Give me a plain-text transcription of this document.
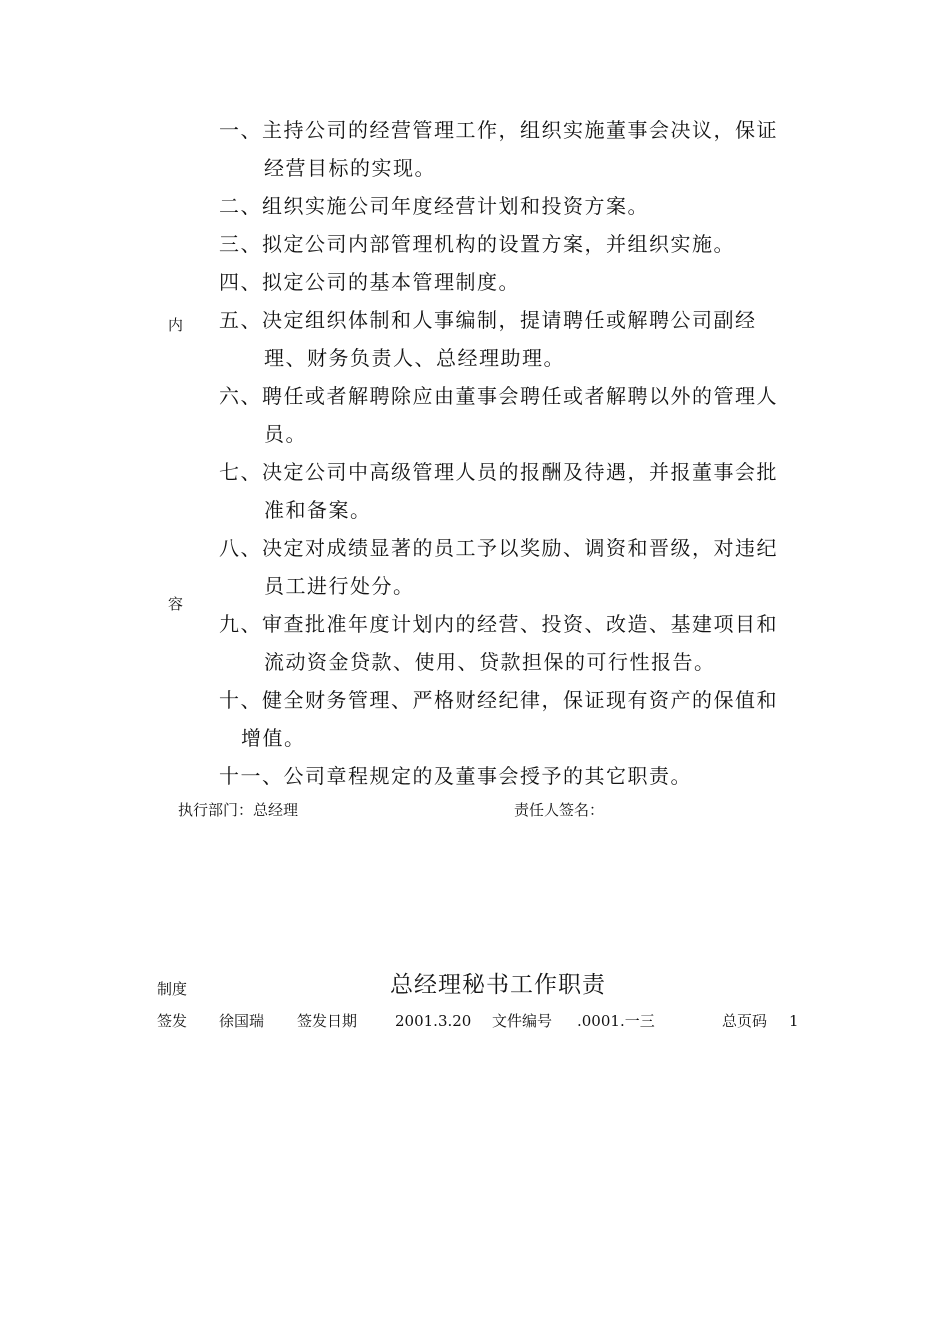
内
容
一、主持公司的经营管理工作，组织实施董事会决议，保证
经营目标的实现。
二、组织实施公司年度经营计划和投资方案。
三、拟定公司内部管理机构的设置方案，并组织实施。
四、拟定公司的基本管理制度。
五、决定组织体制和人事编制，提请聘任或解聘公司副经
理、财务负责人、总经理助理。
六、聘任或者解聘除应由董事会聘任或者解聘以外的管理人
员。
七、决定公司中高级管理人员的报酬及待遇，并报董事会批
准和备案。
八、决定对成绩显著的员工予以奖励、调资和晋级，对违纪
员工进行处分。
九、审查批准年度计划内的经营、投资、改造、基建项目和
流动资金贷款、使用、贷款担保的可行性报告。
十、健全财务管理、严格财经纪律，保证现有资产的保值和
增值。
十一、公司章程规定的及董事会授予的其它职责。
执行部门：总经理	责任人签名：
制度	总经理秘书工作职责
签发 徐国瑞 签发日期	2001.3.20 文件编号 .0001.一三	总页码 1
